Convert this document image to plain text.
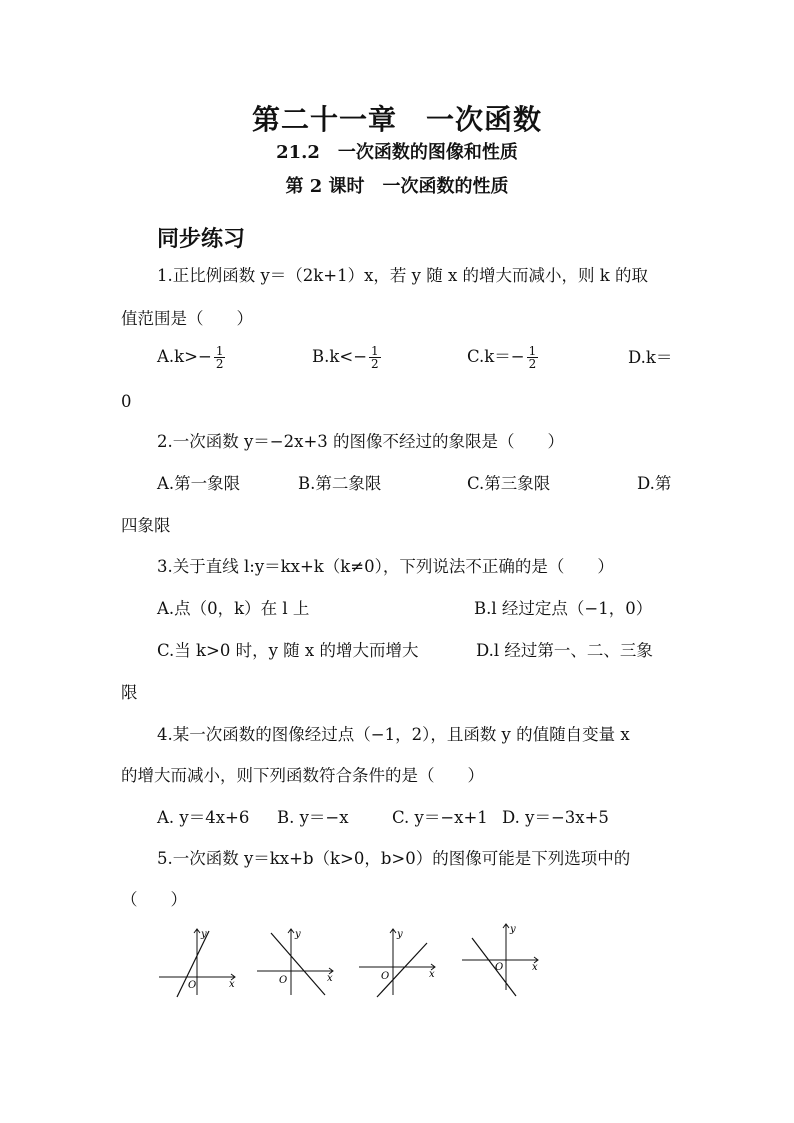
第二十一章　一次函数
21.2　一次函数的图像和性质
第 2 课时　一次函数的性质
同步练习
1.正比例函数 y＝（2k+1）x，若 y 随 x 的增大而减小，则 k 的取
值范围是（　　）
$A.k>- \frac{1}{2}$	$B.k<- \frac{1}{2}$	$C.k=- \frac{1}{2}$	D.k＝
0
2.一次函数 y＝−2x+3 的图像不经过的象限是（　　）
A.第一象限	B.第二象限	C.第三象限	D.第
四象限
3.关于直线 l:y＝kx+k（k≠0），下列说法不正确的是（　　）
A.点（0，k）在 l 上	B.l 经过定点（−1，0）
C.当 k>0 时，y 随 x 的增大而增大	D.l 经过第一、二、三象
限
4.某一次函数的图像经过点（−1，2），且函数 y 的值随自变量 x
的增大而减小，则下列函数符合条件的是（　　）
A. y＝4x+6 B. y＝−x	C. y＝−x+1 D. y＝−3x+5
5.一次函数 y＝kx+b（k>0，b>0）的图像可能是下列选项中的
（　　）
x
y
O
x
y
O
x
y
O
x
y
O
